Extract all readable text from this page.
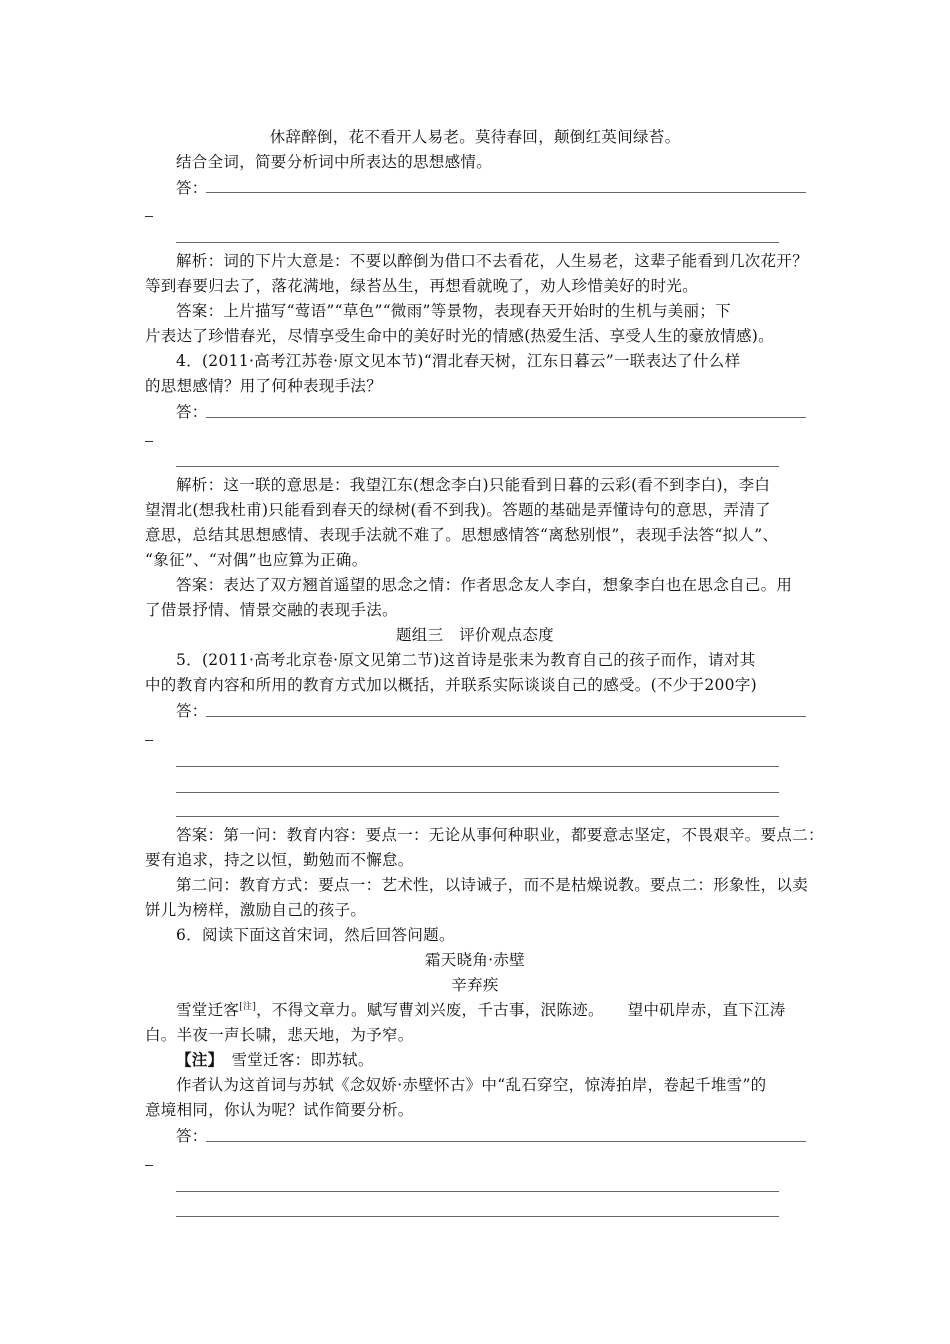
休辞醉倒，花不看开人易老。莫待春回，颠倒红英间绿苔。
结合全词，简要分析词中所表达的思想感情。
答：
解析：词的下片大意是：不要以醉倒为借口不去看花，人生易老，这辈子能看到几次花开？
等到春要归去了，落花满地，绿苔丛生，再想看就晚了，劝人珍惜美好的时光。
答案：上片描写“莺语”“草色”“微雨”等景物，表现春天开始时的生机与美丽；下
片表达了珍惜春光，尽情享受生命中的美好时光的情感(热爱生活、享受人生的豪放情感)。
4．(2011·高考江苏卷·原文见本节)“渭北春天树，江东日暮云”一联表达了什么样
的思想感情？用了何种表现手法？
答：
解析：这一联的意思是：我望江东(想念李白)只能看到日暮的云彩(看不到李白)，李白
望渭北(想我杜甫)只能看到春天的绿树(看不到我)。答题的基础是弄懂诗句的意思，弄清了
意思，总结其思想感情、表现手法就不难了。思想感情答“离愁别恨”，表现手法答“拟人”、
“象征”、“对偶”也应算为正确。
答案：表达了双方翘首遥望的思念之情：作者思念友人李白，想象李白也在思念自己。用
了借景抒情、情景交融的表现手法。
题组三　评价观点态度
5．(2011·高考北京卷·原文见第二节)这首诗是张耒为教育自己的孩子而作，请对其
中的教育内容和所用的教育方式加以概括，并联系实际谈谈自己的感受。(不少于200字)
答：
答案：第一问：教育内容：要点一：无论从事何种职业，都要意志坚定，不畏艰辛。要点二：
要有追求，持之以恒，勤勉而不懈怠。
第二问：教育方式：要点一：艺术性，以诗诫子，而不是枯燥说教。要点二：形象性，以卖
饼儿为榜样，激励自己的孩子。
6．阅读下面这首宋词，然后回答问题。
霜天晓角·赤壁
辛弃疾
雪堂迁客[注]，不得文章力。赋写曹刘兴废，千古事，泯陈迹。　　望中矶岸赤，直下江涛
白。半夜一声长啸，悲天地，为予窄。
【注】　雪堂迁客：即苏轼。
作者认为这首词与苏轼《念奴娇·赤壁怀古》中“乱石穿空，惊涛拍岸，卷起千堆雪”的
意境相同，你认为呢？试作简要分析。
答：
